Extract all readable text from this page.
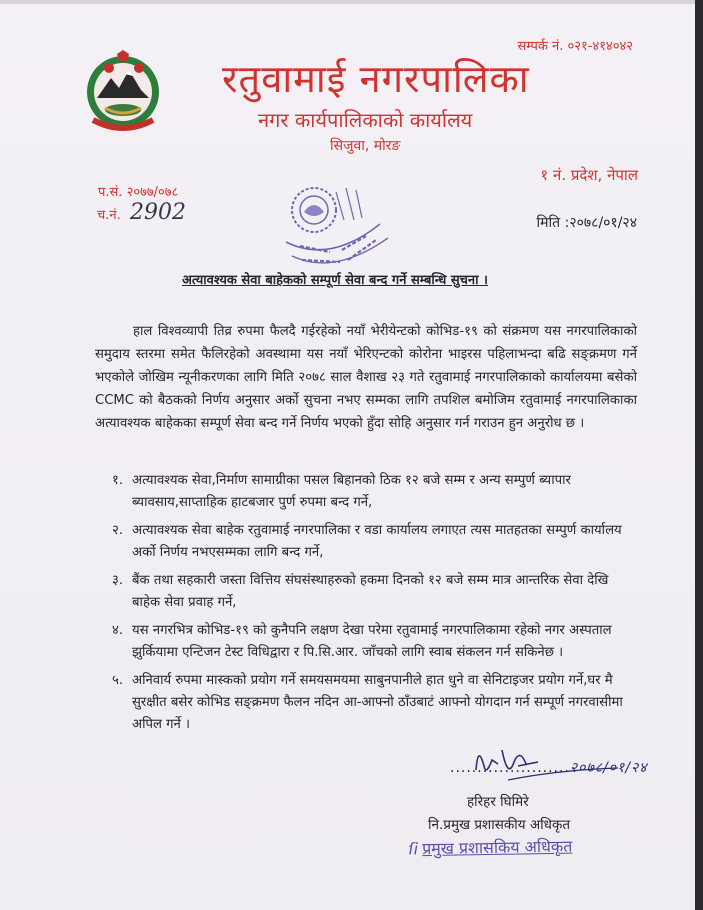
सम्पर्क नं. ०२१-४१४०४२
रतुवामाई नगरपालिका
नगर कार्यपालिकाको कार्यालय
सिजुवा, मोरङ
१ नं. प्रदेश, नेपाल
प.सं. २०७७/०७८
च.नं. 2902	मिति :२०७८/०१/२४
अत्यावश्यक सेवा बाहेकको सम्पूर्ण सेवा बन्द गर्ने सम्बन्धि सुचना ।
हाल विश्वव्यापी तिव्र रुपमा फैलदै गईरहेको नयाँ भेरीयेन्टको कोभिड-१९ को संक्रमण यस नगरपालिकाको समुदाय स्तरमा समेत फैलिरहेको अवस्थामा यस नयाँ भेरिएन्टको कोरोना भाइरस पहिलाभन्दा बढि सङ्क्रमण गर्ने भएकोले जोखिम न्यूनीकरणका लागि मिति २०७८ साल वैशाख २३ गते रतुवामाई नगरपालिकाको कार्यालयमा बसेको CCMC को बैठकको निर्णय अनुसार अर्को सुचना नभए सम्मका लागि तपशिल बमोजिम रतुवामाई नगरपालिकाका अत्यावश्यक बाहेकका सम्पूर्ण सेवा बन्द गर्ने निर्णय भएको हुँदा सोहि अनुसार गर्न गराउन हुन अनुरोध छ ।
१. अत्यावश्यक सेवा,निर्माण सामाग्रीका पसल बिहानको ठिक १२ बजे सम्म र अन्य सम्पुर्ण ब्यापार ब्यावसाय,साप्ताहिक हाटबजार पुर्ण रुपमा बन्द गर्ने,
२. अत्यावश्यक सेवा बाहेक रतुवामाई नगरपालिका र वडा कार्यालय लगाएत त्यस मातहतका सम्पुर्ण कार्यालय अर्को निर्णय नभएसम्मका लागि बन्द गर्ने,
३. बैंक तथा सहकारी जस्ता वित्तिय संघसंस्थाहरुको हकमा दिनको १२ बजे सम्म मात्र आन्तरिक सेवा देखि बाहेक सेवा प्रवाह गर्ने,
४. यस नगरभित्र कोभिड-१९ को कुनैपनि लक्षण देखा परेमा रतुवामाई नगरपालिकामा रहेको नगर अस्पताल झुर्कियामा एन्टिजन टेस्ट विधिद्वारा र पि.सि.आर. जाँचको लागि स्वाब संकलन गर्न सकिनेछ ।
५. अनिवार्य रुपमा मास्कको प्रयोग गर्ने समयसमयमा साबुनपानीले हात धुने वा सेनिटाइजर प्रयोग गर्ने,घर मै सुरक्षीत बसेर कोभिड सङ्क्रमण फैलन नदिन आ-आफ्नो ठाँउबाटं आफ्नो योगदान गर्न सम्पूर्ण नगरवासीमा अपिल गर्ने ।
......................२०७८/०१/२४
हरिहर घिमिरे
नि.प्रमुख प्रशासकीय अधिकृत
ſi प्रमुख प्रशासकिय अधिकृत
